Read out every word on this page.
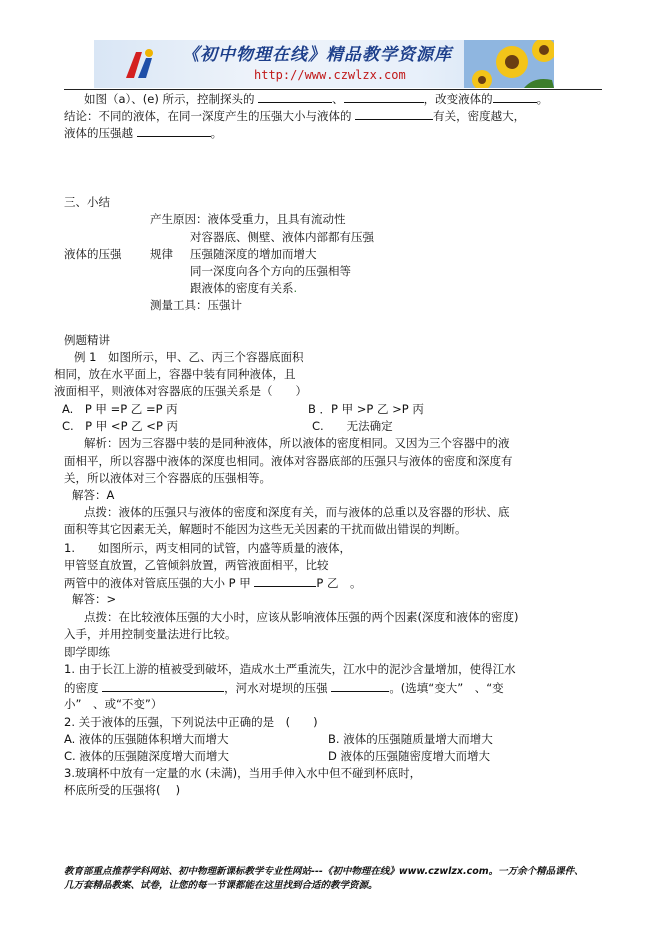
《初中物理在线》精品教学资源库
http://www.czwlzx.com
如图（a）、(e) 所示，控制探头的	、	，改变液体的	。
结论：不同的液体，在同一深度产生的压强大小与液体的	有关，密度越大，
液体的压强越	。
三、小结
产生原因：液体受重力，且具有流动性
对容器底、侧壁、液体内部都有压强
液体的压强 规律 压强随深度的增加而增大
同一深度向各个方向的压强相等
跟液体的密度有关系.
测量工具：压强计
例题精讲
例 1　如图所示，甲、乙、丙三个容器底面积
相同，放在水平面上，容器中装有同种液体，且
液面相平，则液体对容器底的压强关系是（　　）
A.　P 甲 =P 乙 =P 丙	B ．P 甲 >P 乙 >P 丙
C.　P 甲 <P 乙 <P 丙	C.　　无法确定
解析：因为三容器中装的是同种液体，所以液体的密度相同。又因为三个容器中的液
面相平，所以容器中液体的深度也相同。液体对容器底部的压强只与液体的密度和深度有
关，所以液体对三个容器底的压强相等。
解答：A
点拨：液体的压强只与液体的密度和深度有关，而与液体的总重以及容器的形状、底
面积等其它因素无关，解题时不能因为这些无关因素的干扰而做出错误的判断。
1.　　如图所示，两支相同的试管，内盛等质量的液体，
甲管竖直放置，乙管倾斜放置，两管液面相平，比较
两管中的液体对管底压强的大小 P 甲	P 乙　。
解答：>
点拨：在比较液体压强的大小时，应该从影响液体压强的两个因素(深度和液体的密度)
入手，并用控制变量法进行比较。
即学即练
1. 由于长江上游的植被受到破坏，造成水土严重流失，江水中的泥沙含量增加，使得江水
的密度	，河水对堤坝的压强	。(选填“变大”　、“变
小”　、或“不变”）
2. 关于液体的压强，下列说法中正确的是　(　　)
A. 液体的压强随体积增大而增大	B. 液体的压强随质量增大而增大
C. 液体的压强随深度增大而增大	D 液体的压强随密度增大而增大
3.玻璃杯中放有一定量的水 (未满)，当用手伸入水中但不碰到杯底时，
杯底所受的压强将(　 )
教育部重点推荐学科网站、初中物理新课标教学专业性网站---《初中物理在线》www.czwlzx.com。一万余个精品课件、
几万套精品教案、试卷，让您的每一节课都能在这里找到合适的教学资源。
